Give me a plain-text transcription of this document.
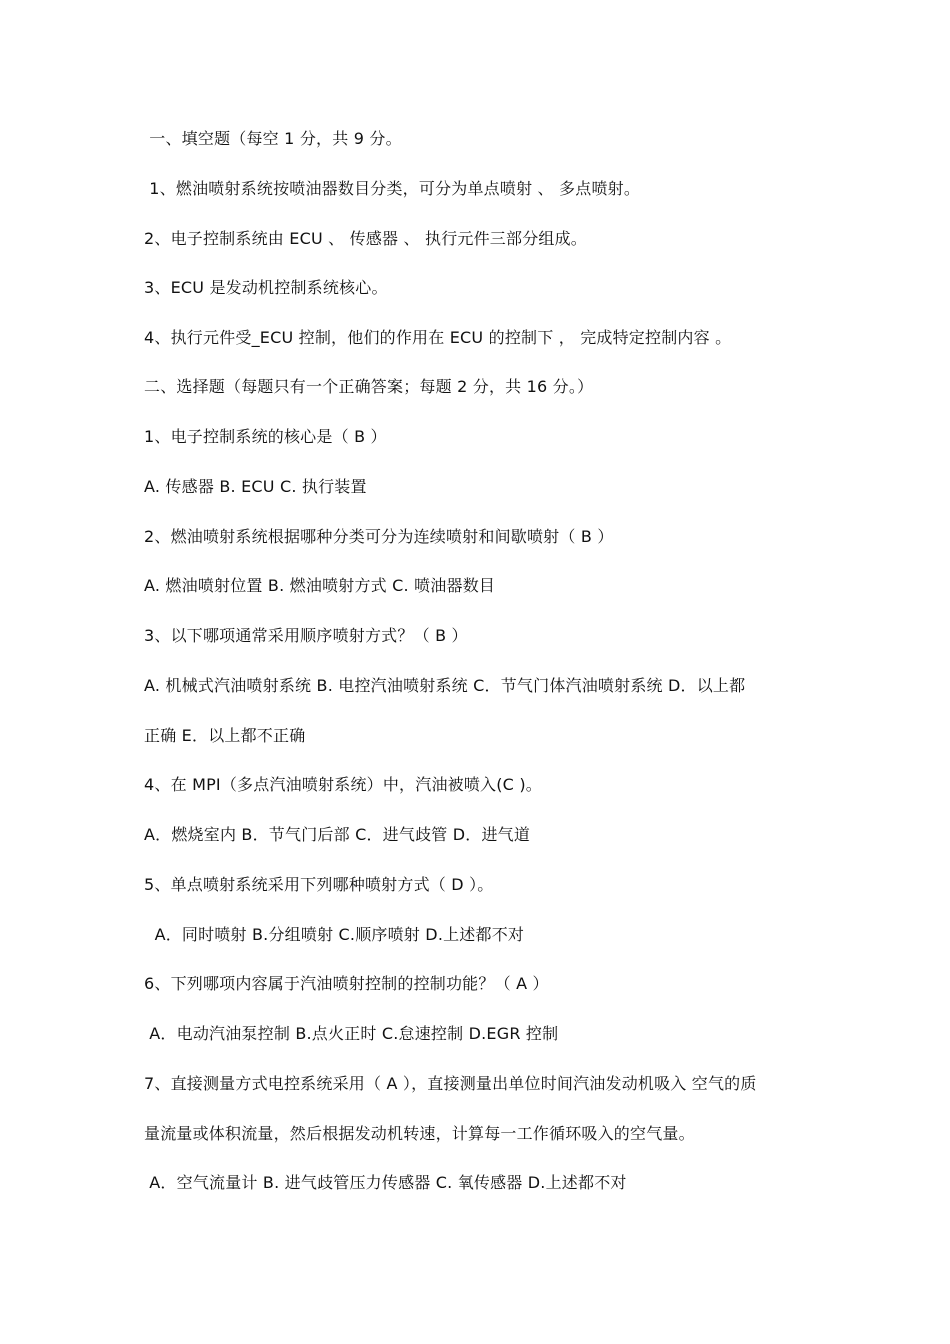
一、填空题（每空 1 分，共 9 分。
1、燃油喷射系统按喷油器数目分类，可分为单点喷射 、 多点喷射。
2、电子控制系统由 ECU 、 传感器 、 执行元件三部分组成。
3、ECU 是发动机控制系统核心。
4、执行元件受_ECU 控制，他们的作用在 ECU 的控制下 ， 完成特定控制内容 。
二、选择题（每题只有一个正确答案；每题 2 分，共 16 分。）
1、电子控制系统的核心是（ B ）
A. 传感器 B. ECU C. 执行装置
2、燃油喷射系统根据哪种分类可分为连续喷射和间歇喷射（ B ）
A. 燃油喷射位置 B. 燃油喷射方式 C. 喷油器数目
3、以下哪项通常采用顺序喷射方式？（ B ）
A. 机械式汽油喷射系统 B. 电控汽油喷射系统 C．节气门体汽油喷射系统 D．以上都
正确 E．以上都不正确
4、在 MPI（多点汽油喷射系统）中，汽油被喷入(C )。
A．燃烧室内 B．节气门后部 C．进气歧管 D．进气道
5、单点喷射系统采用下列哪种喷射方式（ D ）。
A．同时喷射 B.分组喷射 C.顺序喷射 D.上述都不对
6、下列哪项内容属于汽油喷射控制的控制功能？（ A ）
A．电动汽油泵控制 B.点火正时 C.怠速控制 D.EGR 控制
7、直接测量方式电控系统采用（ A ），直接测量出单位时间汽油发动机吸入 空气的质
量流量或体积流量，然后根据发动机转速，计算每一工作循环吸入的空气量。
A．空气流量计 B. 进气歧管压力传感器 C. 氧传感器 D.上述都不对
